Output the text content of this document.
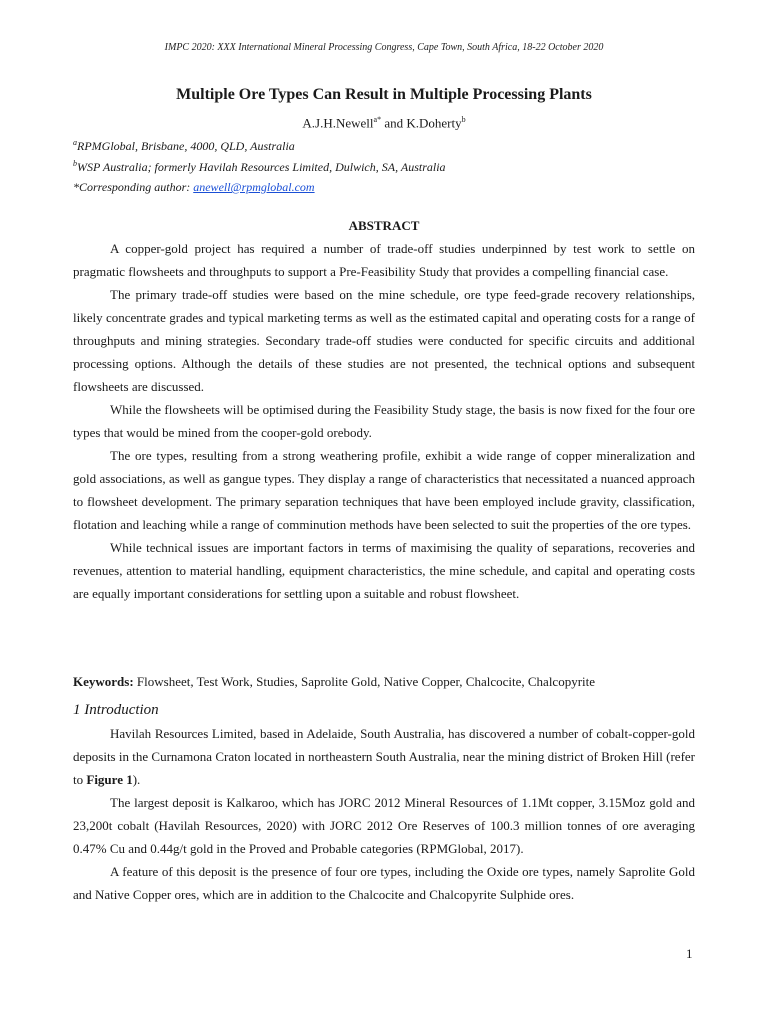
IMPC 2020: XXX International Mineral Processing Congress, Cape Town, South Africa, 18-22 October 2020
Multiple Ore Types Can Result in Multiple Processing Plants
A.J.H.Newell$^{a*}$ and K.Doherty$^b$
$^a$RPMGlobal, Brisbane, 4000, QLD, Australia
$^b$WSP Australia; formerly Havilah Resources Limited, Dulwich, SA, Australia
*Corresponding author: anewell@rpmglobal.com
ABSTRACT

A copper-gold project has required a number of trade-off studies underpinned by test work to settle on pragmatic flowsheets and throughputs to support a Pre-Feasibility Study that provides a compelling financial case.

The primary trade-off studies were based on the mine schedule, ore type feed-grade recovery relationships, likely concentrate grades and typical marketing terms as well as the estimated capital and operating costs for a range of throughputs and mining strategies. Secondary trade-off studies were conducted for specific circuits and additional processing options. Although the details of these studies are not presented, the technical options and subsequent flowsheets are discussed.

While the flowsheets will be optimised during the Feasibility Study stage, the basis is now fixed for the four ore types that would be mined from the cooper-gold orebody.

The ore types, resulting from a strong weathering profile, exhibit a wide range of copper mineralization and gold associations, as well as gangue types. They display a range of characteristics that necessitated a nuanced approach to flowsheet development. The primary separation techniques that have been employed include gravity, classification, flotation and leaching while a range of comminution methods have been selected to suit the properties of the ore types.

While technical issues are important factors in terms of maximising the quality of separations, recoveries and revenues, attention to material handling, equipment characteristics, the mine schedule, and capital and operating costs are equally important considerations for settling upon a suitable and robust flowsheet.

Keywords: Flowsheet, Test Work, Studies, Saprolite Gold, Native Copper, Chalcocite, Chalcopyrite
1 Introduction

Havilah Resources Limited, based in Adelaide, South Australia, has discovered a number of cobalt-copper-gold deposits in the Curnamona Craton located in northeastern South Australia, near the mining district of Broken Hill (refer to Figure 1).

The largest deposit is Kalkaroo, which has JORC 2012 Mineral Resources of 1.1Mt copper, 3.15Moz gold and 23,200t cobalt (Havilah Resources, 2020) with JORC 2012 Ore Reserves of 100.3 million tonnes of ore averaging 0.47% Cu and 0.44g/t gold in the Proved and Probable categories (RPMGlobal, 2017).

A feature of this deposit is the presence of four ore types, including the Oxide ore types, namely Saprolite Gold and Native Copper ores, which are in addition to the Chalcocite and Chalcopyrite Sulphide ores.

1
